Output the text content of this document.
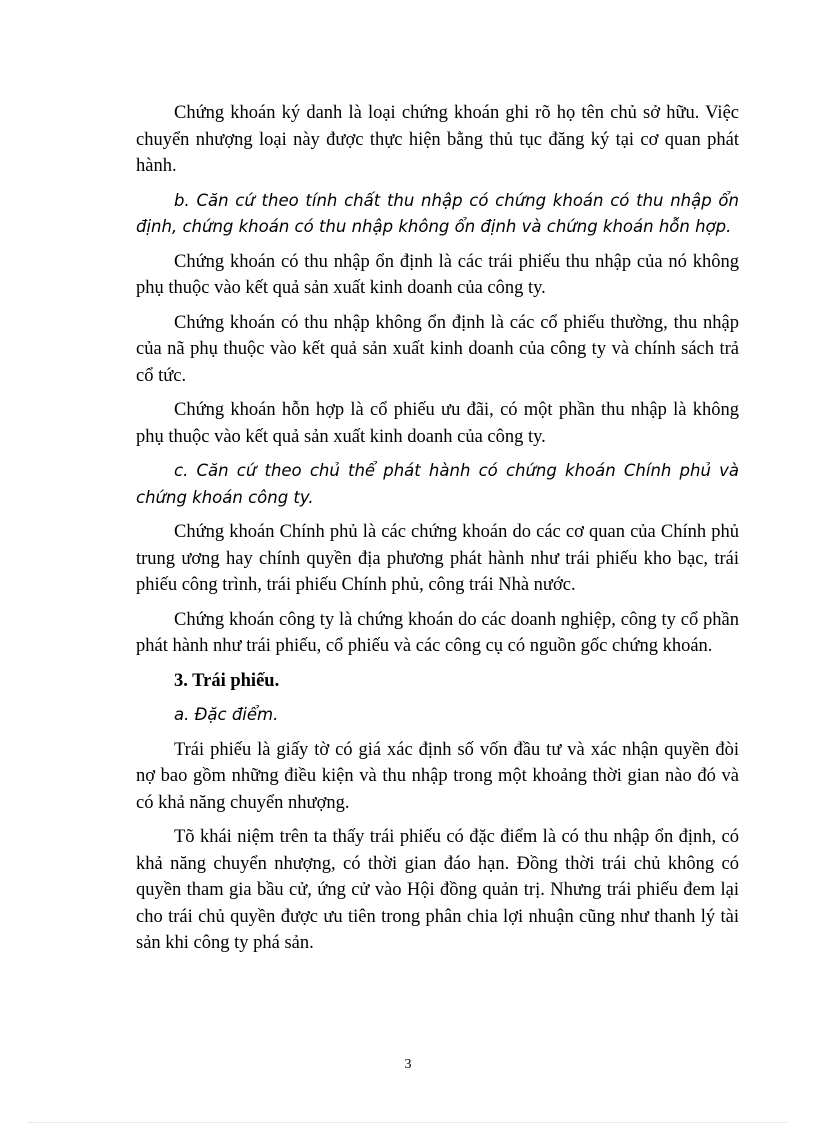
Chứng khoán ký danh là loại chứng khoán ghi rõ họ tên chủ sở hữu. Việc chuyển nhượng loại này được thực hiện bằng thủ tục đăng ký tại cơ quan phát hành.

b. Căn cứ theo tính chất thu nhập có chứng khoán có thu nhập ổn định, chứng khoán có thu nhập không ổn định và chứng khoán hỗn hợp.

Chứng khoán có thu nhập ổn định là các trái phiếu thu nhập của nó không phụ thuộc vào kết quả sản xuất kinh doanh của công ty.

Chứng khoán có thu nhập không ổn định là các cổ phiếu thường, thu nhập của nã phụ thuộc vào kết quả sản xuất kinh doanh của công ty và chính sách trả cổ tức.

Chứng khoán hỗn hợp là cổ phiếu ưu đãi, có một phần thu nhập là không phụ thuộc vào kết quả sản xuất kinh doanh của công ty.

c. Căn cứ theo chủ thể phát hành có chứng khoán Chính phủ và chứng khoán công ty.

Chứng khoán Chính phủ là các chứng khoán do các cơ quan của Chính phủ trung ương hay chính quyền địa phương phát hành như trái phiếu kho bạc, trái phiếu công trình, trái phiếu Chính phủ, công trái Nhà nước.

Chứng khoán công ty là chứng khoán do các doanh nghiệp, công ty cổ phần phát hành như trái phiếu, cổ phiếu và các công cụ có nguồn gốc chứng khoán.

3. Trái phiếu.

a. Đặc điểm.

Trái phiếu là giấy tờ có giá xác định số vốn đầu tư và xác nhận quyền đòi nợ bao gồm những điều kiện và thu nhập trong một khoảng thời gian nào đó và có khả năng chuyển nhượng.

Tõ khái niệm trên ta thấy trái phiếu có đặc điểm là có thu nhập ổn định, có khả năng chuyển nhượng, có thời gian đáo hạn. Đồng thời trái chủ không có quyền tham gia bầu cử, ứng cử vào Hội đồng quản trị. Nhưng trái phiếu đem lại cho trái chủ quyền được ưu tiên trong phân chia lợi nhuận cũng như thanh lý tài sản khi công ty phá sản.

3
